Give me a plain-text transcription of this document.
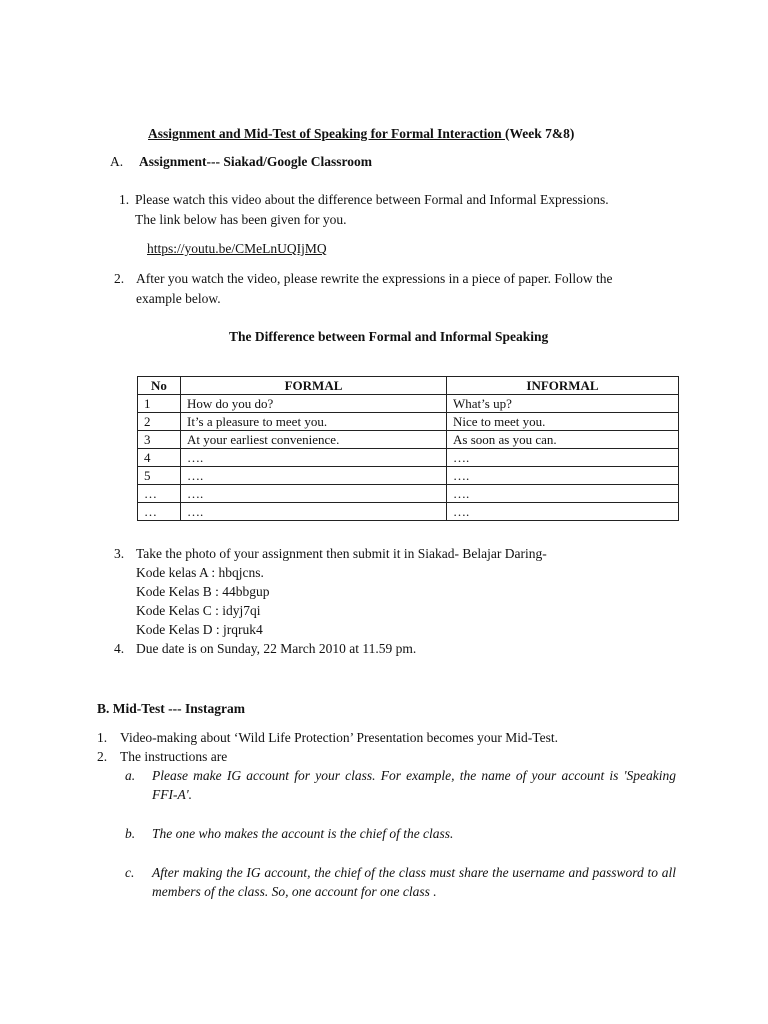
Assignment and Mid-Test of Speaking for Formal Interaction (Week 7&8)
A. Assignment--- Siakad/Google Classroom
1. Please watch this video about the difference between Formal and Informal Expressions.
The link below has been given for you.
https://youtu.be/CMeLnUQIjMQ
2. After you watch the video, please rewrite the expressions in a piece of paper. Follow the
example below.
The Difference between Formal and Informal Speaking
No	FORMAL	INFORMAL
1	How do you do?	What’s up?
2	It’s a pleasure to meet you.	Nice to meet you.
3	At your earliest convenience.	As soon as you can.
4	….	….
5	….	….
…	….	….
…	….	….
3. Take the photo of your assignment then submit it in Siakad- Belajar Daring-
Kode kelas A : hbqjcns.
Kode Kelas B : 44bbgup
Kode Kelas C : idyj7qi
Kode Kelas D : jrqruk4
4. Due date is on Sunday, 22 March 2010 at 11.59 pm.
B. Mid-Test --- Instagram
1. Video-making about ‘Wild Life Protection’ Presentation becomes your Mid-Test.
2. The instructions are
a. Please make IG account for your class. For example, the name of your account is 'Speaking FFI-A'.
b. The one who makes the account is the chief of the class.
c. After making the IG account, the chief of the class must share the username and password to all members of the class. So, one account for one class .
